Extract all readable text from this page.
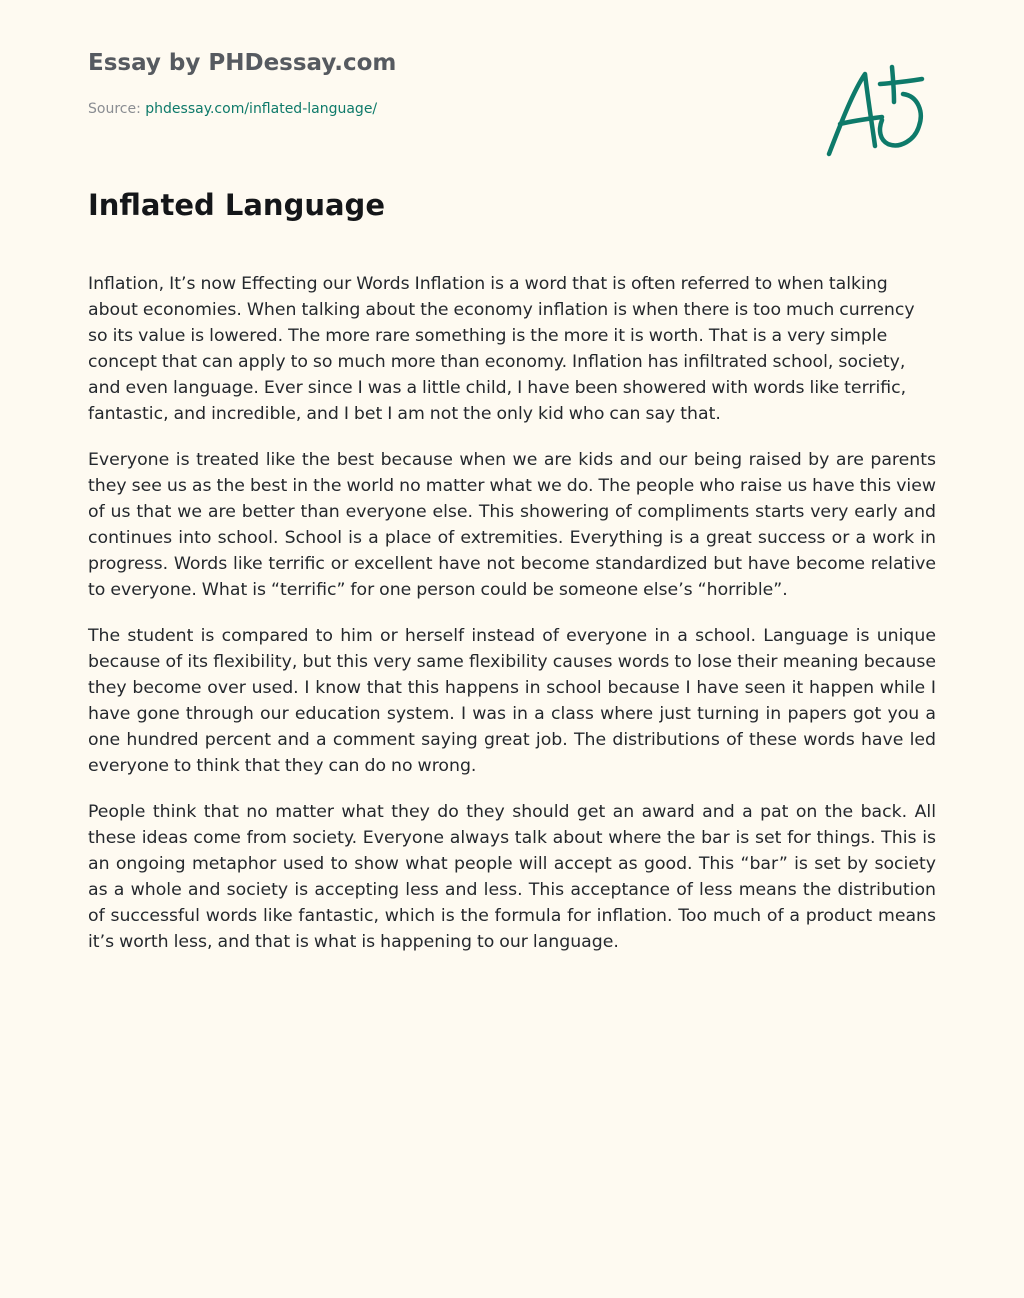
Essay by PHDessay.com
Source: phdessay.com/inflated-language/
Inflated Language

Inflation, It’s now Effecting our Words Inflation is a word that is often referred to when talking about economies. When talking about the economy inflation is when there is too much currency so its value is lowered. The more rare something is the more it is worth. That is a very simple concept that can apply to so much more than economy. Inflation has infiltrated school, society, and even language. Ever since I was a little child, I have been showered with words like terrific, fantastic, and incredible, and I bet I am not the only kid who can say that.

Everyone is treated like the best because when we are kids and our being raised by are parents they see us as the best in the world no matter what we do. The people who raise us have this view of us that we are better than everyone else. This showering of compliments starts very early and continues into school. School is a place of extremities. Everything is a great success or a work in progress. Words like terrific or excellent have not become standardized but have become relative to everyone. What is “terrific” for one person could be someone else’s “horrible”.

The student is compared to him or herself instead of everyone in a school. Language is unique because of its flexibility, but this very same flexibility causes words to lose their meaning because they become over used. I know that this happens in school because I have seen it happen while I have gone through our education system. I was in a class where just turning in papers got you a one hundred percent and a comment saying great job. The distributions of these words have led everyone to think that they can do no wrong.

People think that no matter what they do they should get an award and a pat on the back. All these ideas come from society. Everyone always talk about where the bar is set for things. This is an ongoing metaphor used to show what people will accept as good. This “bar” is set by society as a whole and society is accepting less and less. This acceptance of less means the distribution of successful words like fantastic, which is the formula for inflation. Too much of a product means it’s worth less, and that is what is happening to our language.
